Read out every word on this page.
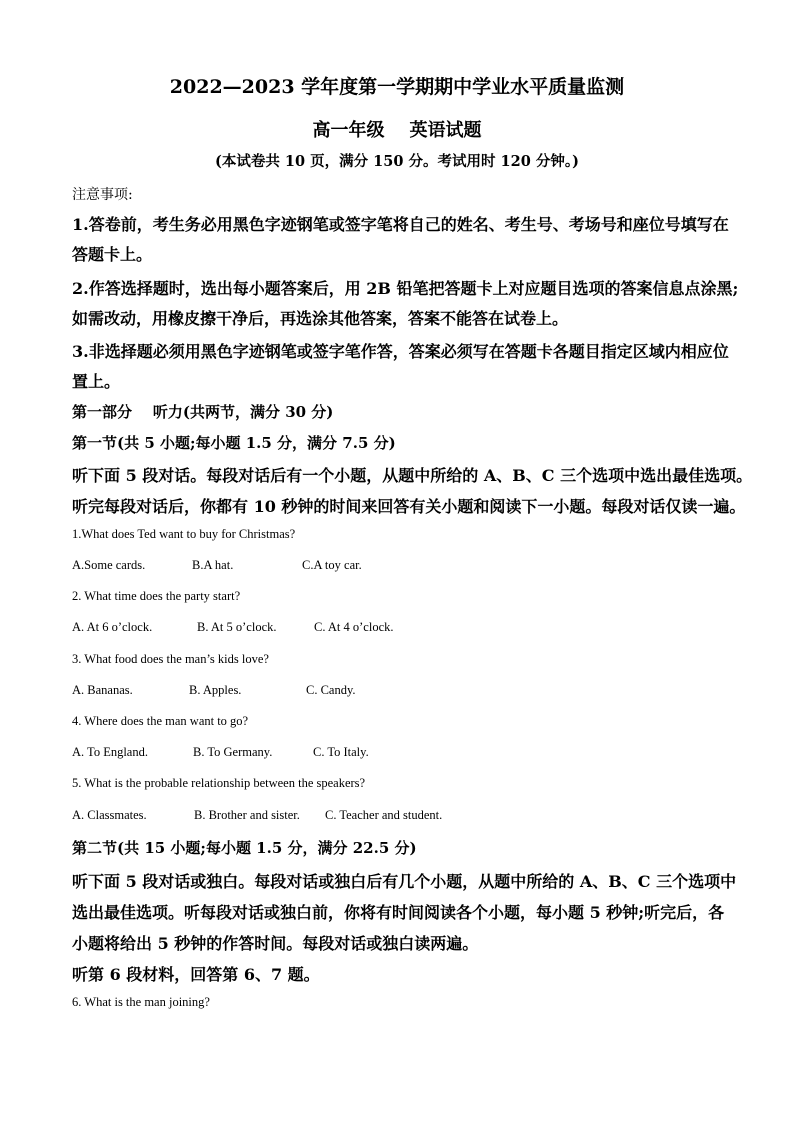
2022—2023 学年度第一学期期中学业水平质量监测
高一年级    英语试题
(本试卷共 10 页，满分 150 分。考试用时 120 分钟。)
注意事项:
1.答卷前，考生务必用黑色字迹钢笔或签字笔将自己的姓名、考生号、考场号和座位号填写在
答题卡上。
2.作答选择题时，选出每小题答案后，用 2B 铅笔把答题卡上对应题目选项的答案信息点涂黑;
如需改动，用橡皮擦干净后，再选涂其他答案，答案不能答在试卷上。
3.非选择题必须用黑色字迹钢笔或签字笔作答，答案必须写在答题卡各题目指定区域内相应位
置上。
第一部分    听力(共两节，满分 30 分)
第一节(共 5 小题;每小题 1.5 分，满分 7.5 分)
听下面 5 段对话。每段对话后有一个小题，从题中所给的 A、B、C 三个选项中选出最佳选项。
听完每段对话后，你都有 10 秒钟的时间来回答有关小题和阅读下一小题。每段对话仅读一遍。
1.What does Ted want to buy for Christmas?
A.Some cards.	B.A hat.	C.A toy car.
2. What time does the party start?
A. At 6 o’clock.	B. At 5 o’clock.	C. At 4 o’clock.
3. What food does the man’s kids love?
A. Bananas.	B. Apples.	C. Candy.
4. Where does the man want to go?
A. To England.	B. To Germany.	C. To Italy.
5. What is the probable relationship between the speakers?
A. Classmates.	B. Brother and sister. C. Teacher and student.
第二节(共 15 小题;每小题 1.5 分，满分 22.5 分)
听下面 5 段对话或独白。每段对话或独白后有几个小题，从题中所给的 A、B、C 三个选项中
选出最佳选项。听每段对话或独白前，你将有时间阅读各个小题，每小题 5 秒钟;听完后，各
小题将给出 5 秒钟的作答时间。每段对话或独白读两遍。
听第 6 段材料，回答第 6、7 题。
6. What is the man joining?
